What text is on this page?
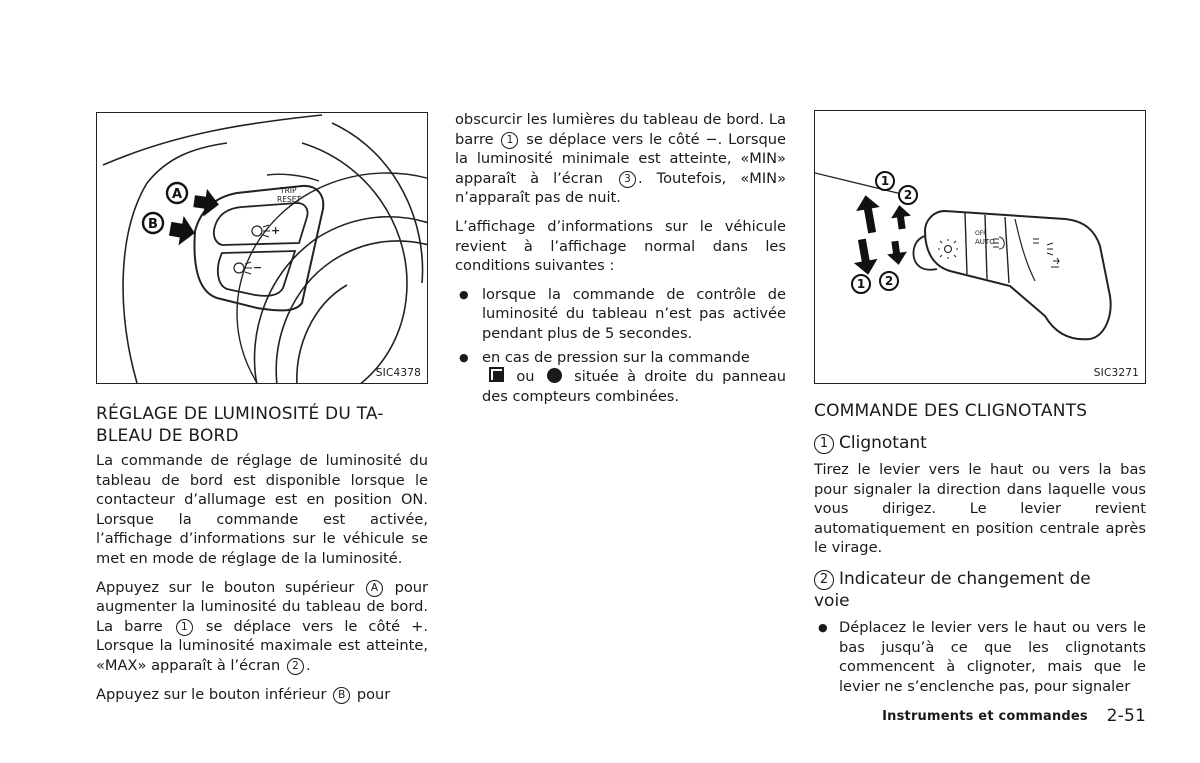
+
−
TRIP
RESET
A
B
SIC4378
RÉGLAGE DE LUMINOSITÉ DU TA-
BLEAU DE BORD

La commande de réglage de luminosité du tableau de bord est disponible lorsque le contacteur d’allumage est en position ON. Lorsque la commande est activée, l’affichage d’informations sur le véhicule se met en mode de réglage de la luminosité.

Appuyez sur le bouton supérieur A pour augmenter la luminosité du tableau de bord. La barre 1 se déplace vers le côté +. Lorsque la luminosité maximale est atteinte, «MAX» apparaît à l’écran 2 .

Appuyez sur le bouton inférieur B pour

obscurcir les lumières du tableau de bord. La barre 1 se déplace vers le côté −. Lorsque la luminosité minimale est atteinte, «MIN» apparaît à l’écran 3 . Toutefois, «MIN» n’apparaît pas de nuit.

L’affichage d’informations sur le véhicule revient à l’affichage normal dans les conditions suivantes :

● lorsque la commande de contrôle de luminosité du tableau n’est pas activée pendant plus de 5 secondes.
● en cas de pression sur la commande
ou	située à droite du panneau des compteurs combinées.
AUTO
OFF
1
2
1 2
SIC3271
COMMANDE DES CLIGNOTANTS
1 Clignotant

Tirez le levier vers le haut ou vers la bas pour signaler la direction dans laquelle vous vous dirigez. Le levier revient automatiquement en position centrale après le virage.

2 Indicateur de changement de
voie
● Déplacez le levier vers le haut ou vers le bas jusqu’à ce que les clignotants commencent à clignoter, mais que le levier ne s’enclenche pas, pour signaler
Instruments et commandes 2-51
